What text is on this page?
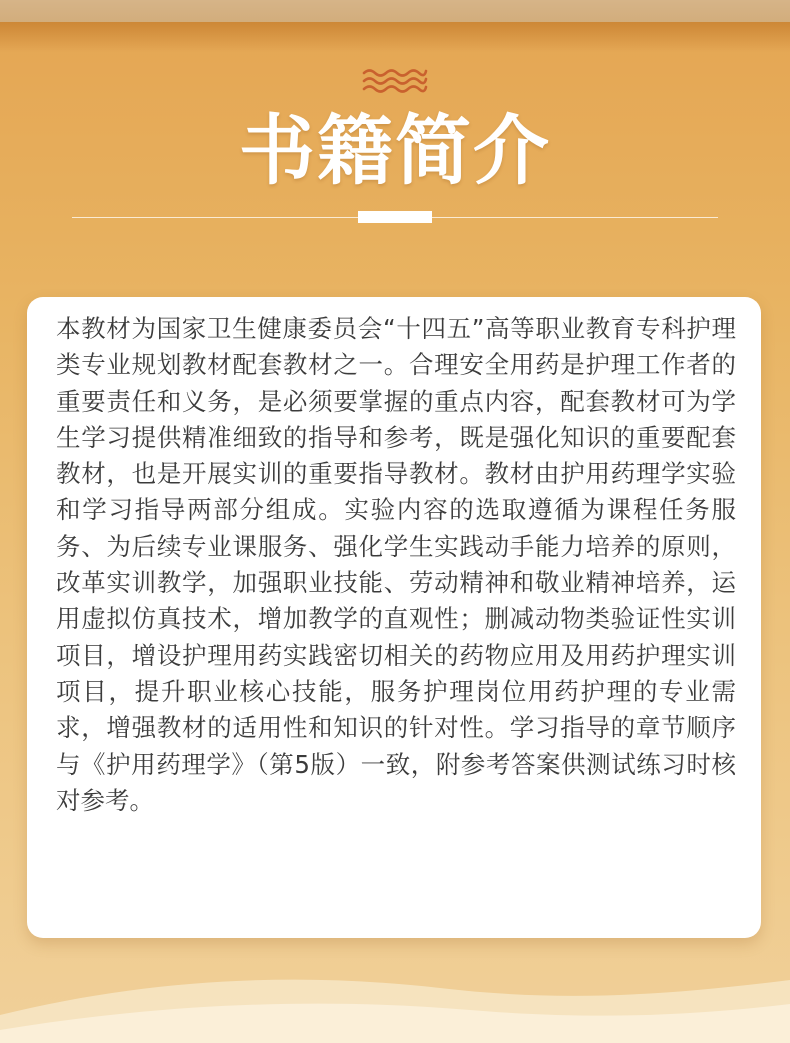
书籍简介

本教材为国家卫生健康委员会“十四五”高等职业教育专科护理类专业规划教材配套教材之一。合理安全用药是护理工作者的重要责任和义务，是必须要掌握的重点内容，配套教材可为学生学习提供精准细致的指导和参考，既是强化知识的重要配套教材，也是开展实训的重要指导教材。教材由护用药理学实验和学习指导两部分组成。实验内容的选取遵循为课程任务服务、为后续专业课服务、强化学生实践动手能力培养的原则，改革实训教学，加强职业技能、劳动精神和敬业精神培养，运用虚拟仿真技术，增加教学的直观性；删减动物类验证性实训项目，增设护理用药实践密切相关的药物应用及用药护理实训项目，提升职业核心技能，服务护理岗位用药护理的专业需求，增强教材的适用性和知识的针对性。学习指导的章节顺序与《护用药理学》（第5版）一致，附参考答案供测试练习时核对参考。
